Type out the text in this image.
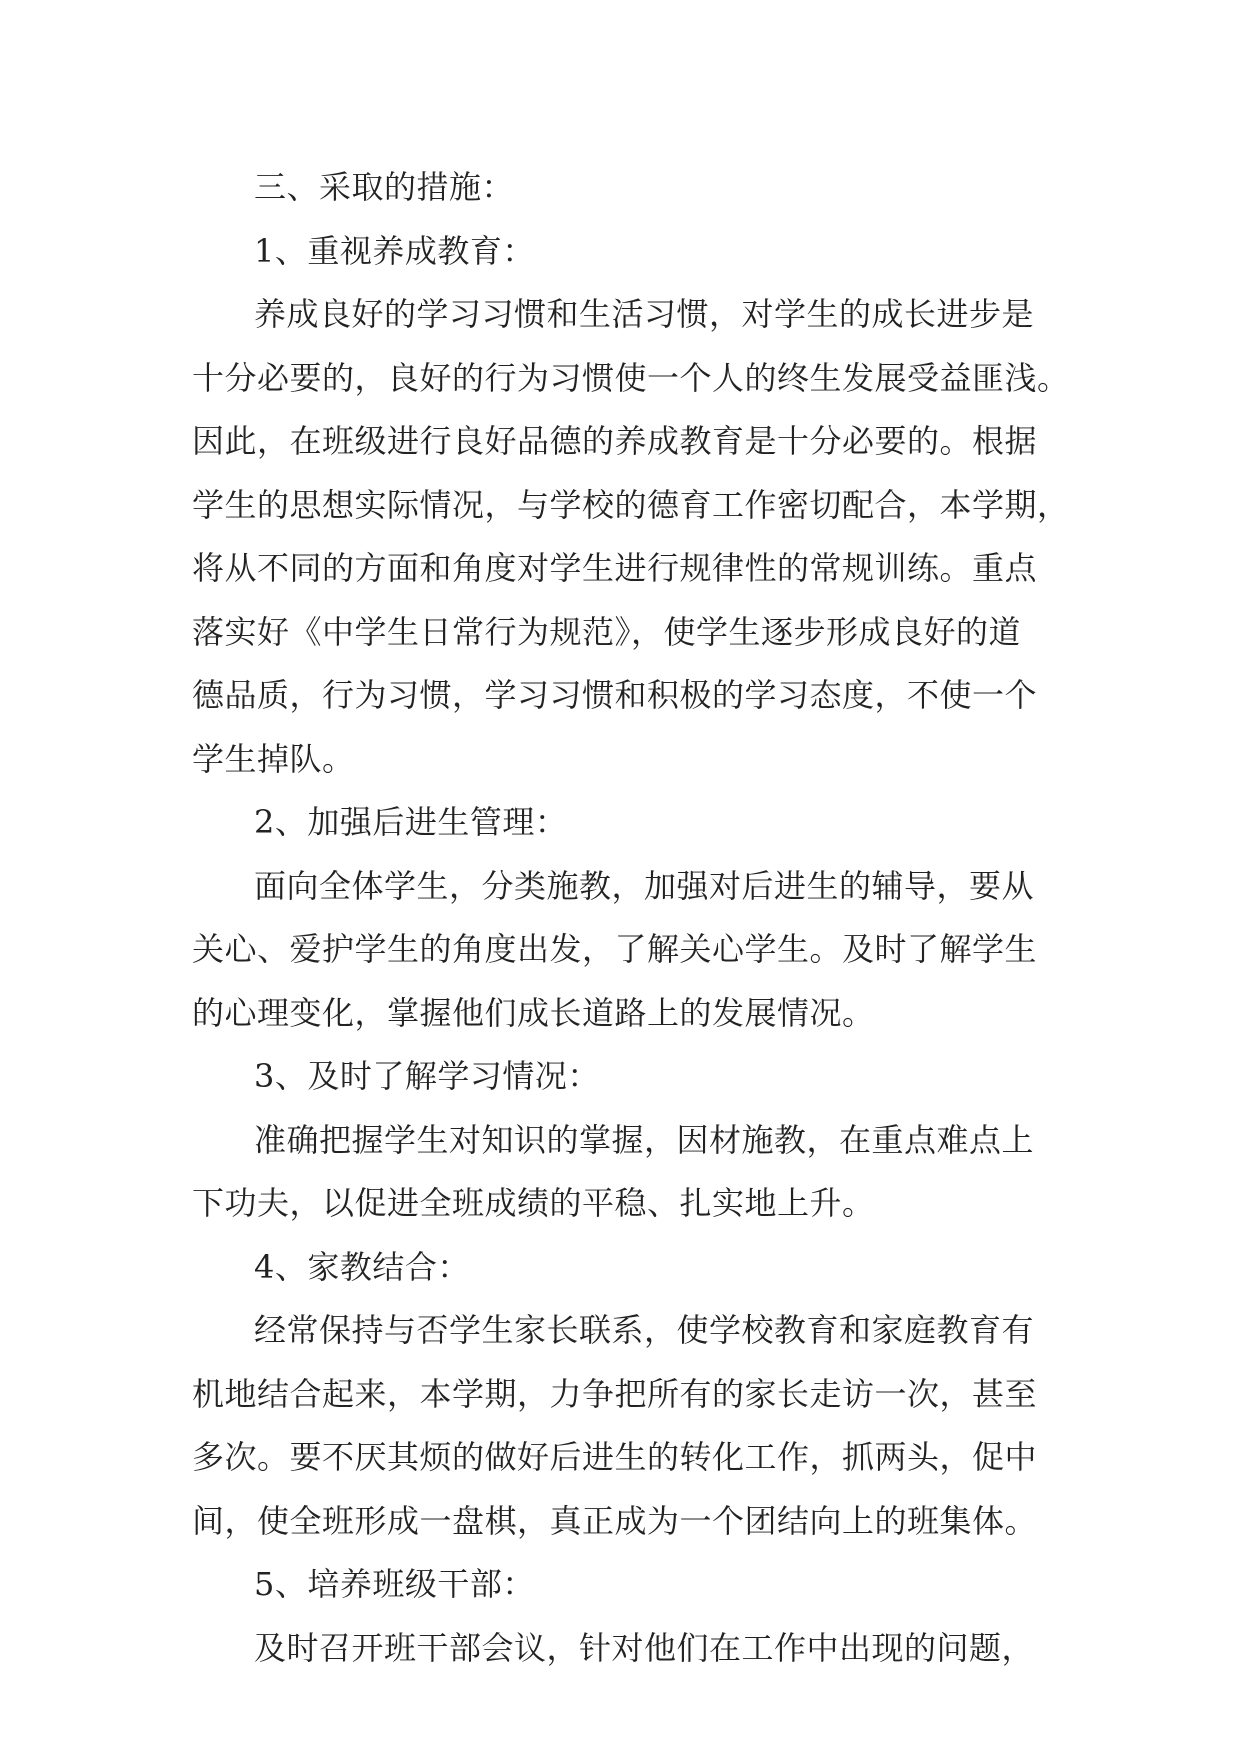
三、采取的措施：
1、重视养成教育：
养成良好的学习习惯和生活习惯，对学生的成长进步是
十分必要的，良好的行为习惯使一个人的终生发展受益匪浅。
因此，在班级进行良好品德的养成教育是十分必要的。根据
学生的思想实际情况，与学校的德育工作密切配合，本学期，
将从不同的方面和角度对学生进行规律性的常规训练。重点
落实好《中学生日常行为规范》，使学生逐步形成良好的道
德品质，行为习惯，学习习惯和积极的学习态度，不使一个
学生掉队。
2、加强后进生管理：
面向全体学生，分类施教，加强对后进生的辅导，要从
关心、爱护学生的角度出发，了解关心学生。及时了解学生
的心理变化，掌握他们成长道路上的发展情况。
3、及时了解学习情况：
准确把握学生对知识的掌握，因材施教，在重点难点上
下功夫，以促进全班成绩的平稳、扎实地上升。
4、家教结合：
经常保持与否学生家长联系，使学校教育和家庭教育有
机地结合起来，本学期，力争把所有的家长走访一次，甚至
多次。要不厌其烦的做好后进生的转化工作，抓两头，促中
间，使全班形成一盘棋，真正成为一个团结向上的班集体。
5、培养班级干部：
及时召开班干部会议，针对他们在工作中出现的问题，
